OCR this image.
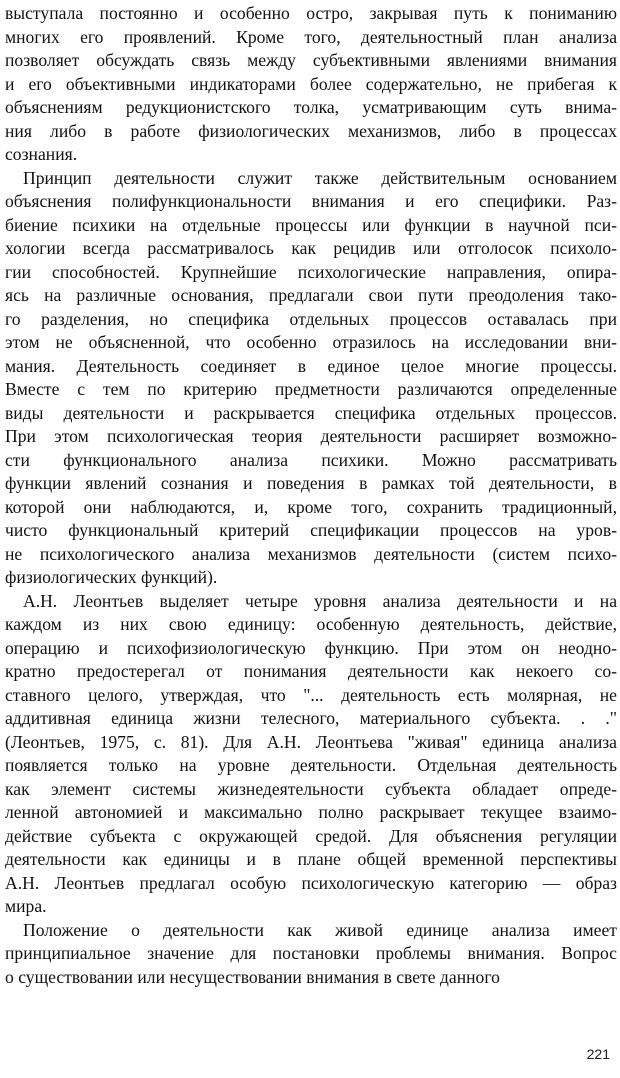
выступала постоянно и особенно остро, закрывая путь к пониманию
многих его проявлений. Кроме того, деятельностный план анализа
позволяет обсуждать связь между субъективными явлениями внимания
и его объективными индикаторами более содержательно, не прибегая к
объяснениям редукционистского толка, усматривающим суть внима-
ния либо в работе физиологических механизмов, либо в процессах
сознания.
Принцип деятельности служит также действительным основанием
объяснения полифункциональности внимания и его специфики. Раз-
биение психики на отдельные процессы или функции в научной пси-
хологии всегда рассматривалось как рецидив или отголосок психоло-
гии способностей. Крупнейшие психологические направления, опира-
ясь на различные основания, предлагали свои пути преодоления тако-
го разделения, но специфика отдельных процессов оставалась при
этом не объясненной, что особенно отразилось на исследовании вни-
мания. Деятельность соединяет в единое целое многие процессы.
Вместе с тем по критерию предметности различаются определенные
виды деятельности и раскрывается специфика отдельных процессов.
При этом психологическая теория деятельности расширяет возможно-
сти функционального анализа психики. Можно рассматривать
функции явлений сознания и поведения в рамках той деятельности, в
которой они наблюдаются, и, кроме того, сохранить традиционный,
чисто функциональный критерий спецификации процессов на уров-
не психологического анализа механизмов деятельности (систем психо-
физиологических функций).
А.Н. Леонтьев выделяет четыре уровня анализа деятельности и на
каждом из них свою единицу: особенную деятельность, действие,
операцию и психофизиологическую функцию. При этом он неодно-
кратно предостерегал от понимания деятельности как некоего со-
ставного целого, утверждая, что "... деятельность есть молярная, не
аддитивная единица жизни телесного, материального субъекта. . ."
(Леонтьев, 1975, с. 81). Для А.Н. Леонтьева "живая" единица анализа
появляется только на уровне деятельности. Отдельная деятельность
как элемент системы жизнедеятельности субъекта обладает опреде-
ленной автономией и максимально полно раскрывает текущее взаимо-
действие субъекта с окружающей средой. Для объяснения регуляции
деятельности как единицы и в плане общей временной перспективы
А.Н. Леонтьев предлагал особую психологическую категорию — образ
мира.
Положение о деятельности как живой единице анализа имеет
принципиальное значение для постановки проблемы внимания. Вопрос
о существовании или несуществовании внимания в свете данного
221
